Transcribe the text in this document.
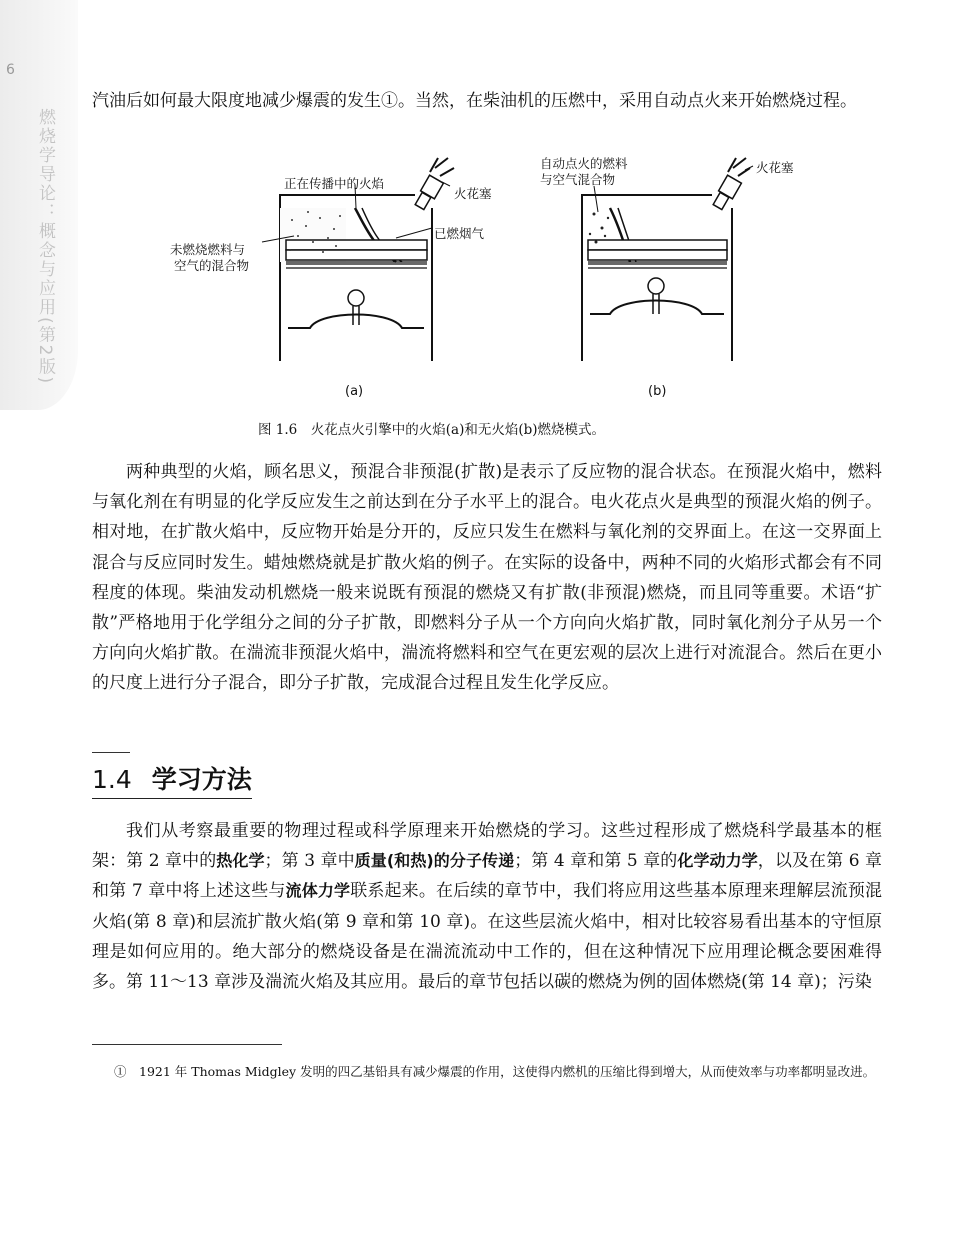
6
燃烧学导论：概念与应用(第2版)

汽油后如何最大限度地减少爆震的发生①。当然，在柴油机的压燃中，采用自动点火来开始燃烧过程。

正在传播中的火焰
火花塞
已燃烟气
未燃烧燃料与
空气的混合物
自动点火的燃料
与空气混合物
火花塞
(a)	(b)
图 1.6　火花点火引擎中的火焰(a)和无火焰(b)燃烧模式。

两种典型的火焰，顾名思义，预混合非预混(扩散)是表示了反应物的混合状态。在预混火焰中，燃料与氧化剂在有明显的化学反应发生之前达到在分子水平上的混合。电火花点火是典型的预混火焰的例子。相对地，在扩散火焰中，反应物开始是分开的，反应只发生在燃料与氧化剂的交界面上。在这一交界面上混合与反应同时发生。蜡烛燃烧就是扩散火焰的例子。在实际的设备中，两种不同的火焰形式都会有不同程度的体现。柴油发动机燃烧一般来说既有预混的燃烧又有扩散(非预混)燃烧，而且同等重要。术语“扩散”严格地用于化学组分之间的分子扩散，即燃料分子从一个方向向火焰扩散，同时氧化剂分子从另一个方向向火焰扩散。在湍流非预混火焰中，湍流将燃料和空气在更宏观的层次上进行对流混合。然后在更小的尺度上进行分子混合，即分子扩散，完成混合过程且发生化学反应。

1.4 学习方法

我们从考察最重要的物理过程或科学原理来开始燃烧的学习。这些过程形成了燃烧科学最基本的框架：第 2 章中的热化学；第 3 章中质量(和热)的分子传递；第 4 章和第 5 章的化学动力学，以及在第 6 章和第 7 章中将上述这些与流体力学联系起来。在后续的章节中，我们将应用这些基本原理来理解层流预混火焰(第 8 章)和层流扩散火焰(第 9 章和第 10 章)。在这些层流火焰中，相对比较容易看出基本的守恒原理是如何应用的。绝大部分的燃烧设备是在湍流流动中工作的，但在这种情况下应用理论概念要困难得多。第 11～13 章涉及湍流火焰及其应用。最后的章节包括以碳的燃烧为例的固体燃烧(第 14 章)；污染

①　1921 年 Thomas Midgley 发明的四乙基铅具有减少爆震的作用，这使得内燃机的压缩比得到增大，从而使效率与功率都明显改进。
